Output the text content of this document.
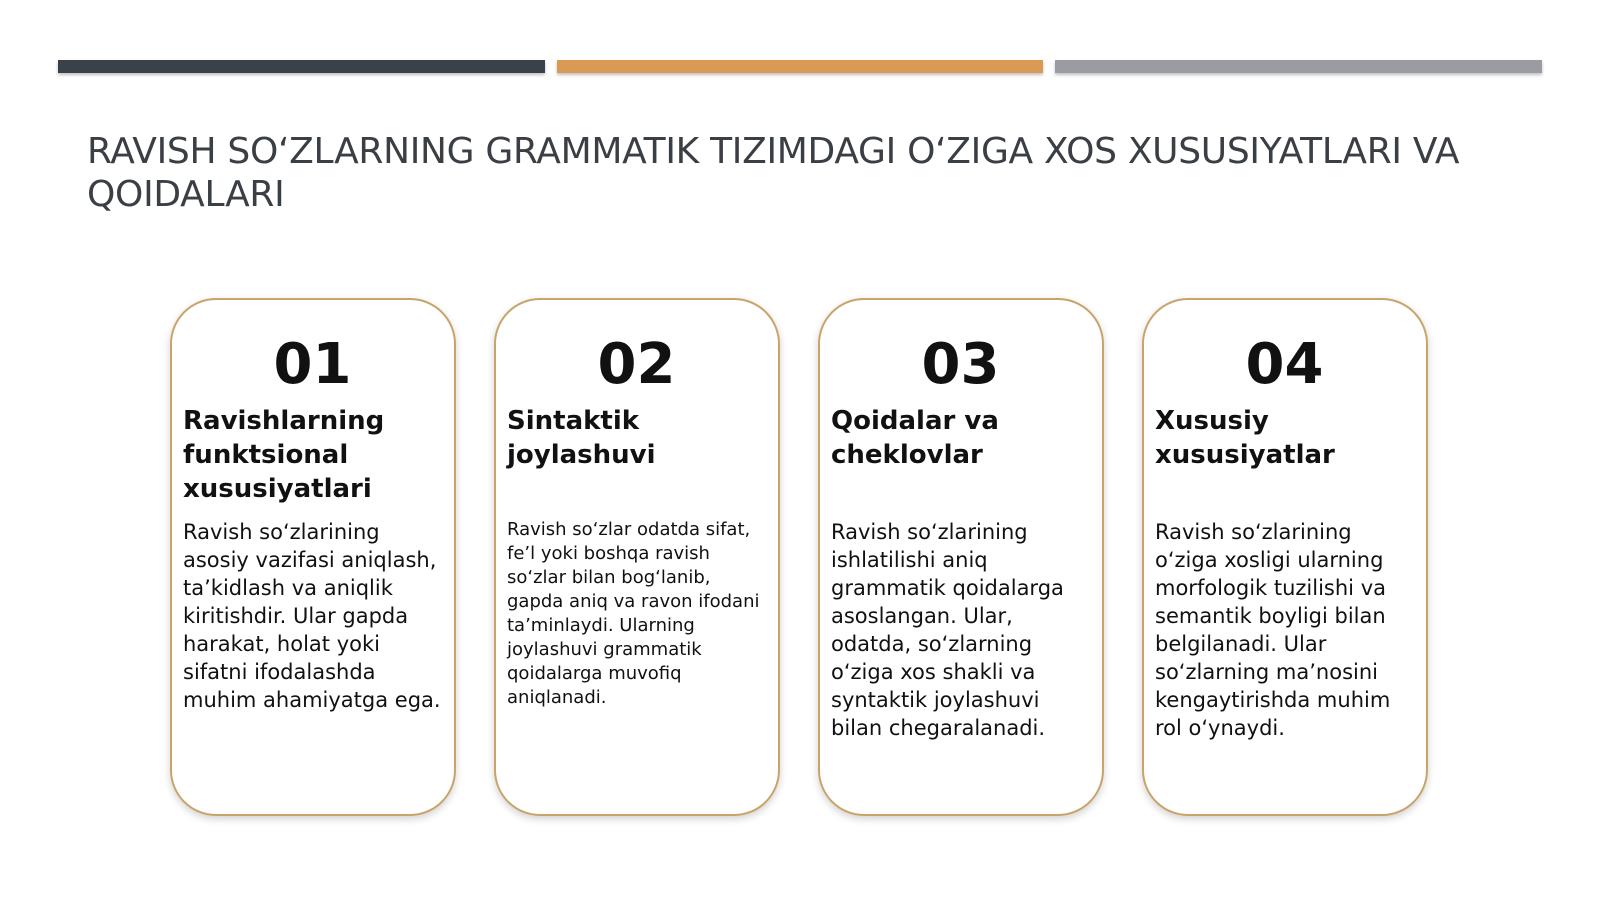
RAVISH SO‘ZLARNING GRAMMATIK TIZIMDAGI O‘ZIGA XOS XUSUSIYATLARI VA QOIDALARI
01
Ravishlarning funktsional xususiyatlari
Ravish so‘zlarining asosiy vazifasi aniqlash, ta’kidlash va aniqlik kiritishdir. Ular gapda harakat, holat yoki sifatni ifodalashda muhim ahamiyatga ega.
02
Sintaktik joylashuvi
Ravish so‘zlar odatda sifat, fe’l yoki boshqa ravish so‘zlar bilan bog‘lanib, gapda aniq va ravon ifodani ta’minlaydi. Ularning joylashuvi grammatik qoidalarga muvofiq aniqlanadi.
03
Qoidalar va cheklovlar
Ravish so‘zlarining ishlatilishi aniq grammatik qoidalarga asoslangan. Ular, odatda, so‘zlarning o‘ziga xos shakli va syntaktik joylashuvi bilan chegaralanadi.
04
Xususiy xususiyatlar
Ravish so‘zlarining o‘ziga xosligi ularning morfologik tuzilishi va semantik boyligi bilan belgilanadi. Ular so‘zlarning ma’nosini kengaytirishda muhim rol o‘ynaydi.
